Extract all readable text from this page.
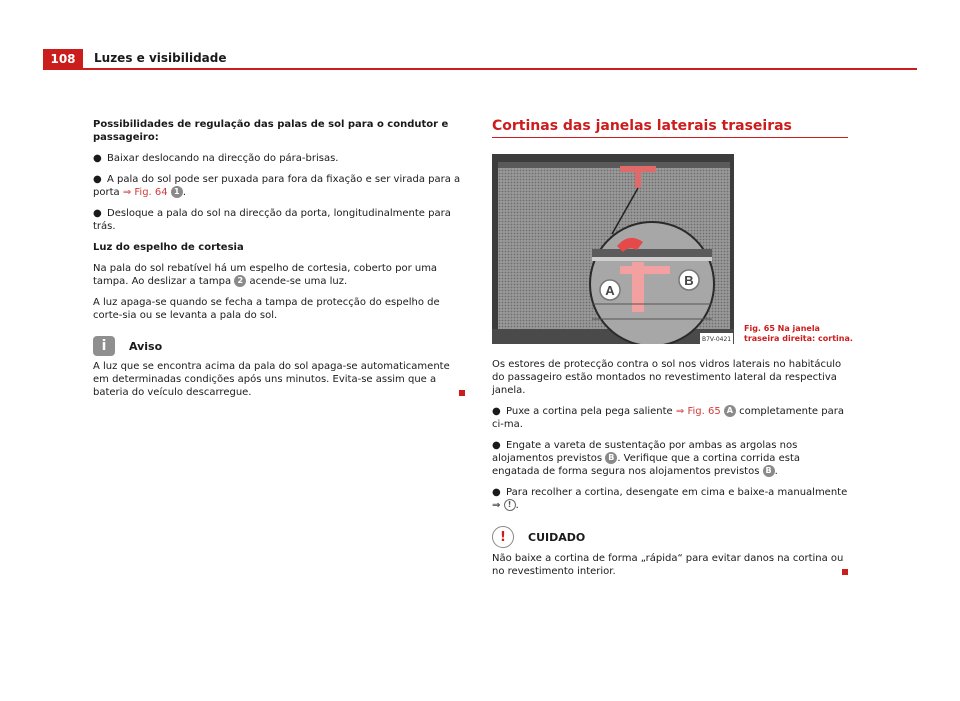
108	Luzes e visibilidade

Possibilidades de regulação das palas de sol para o condutor e passageiro:

● Baixar deslocando na direcção do pára-brisas.

● A pala do sol pode ser puxada para fora da fixação e ser virada para a porta ⇒ Fig. 64 1 .

● Desloque a pala do sol na direcção da porta, longitudinalmente para trás.

Luz do espelho de cortesia

Na pala do sol rebatível há um espelho de cortesia, coberto por uma tampa. Ao deslizar a tampa 2 acende-se uma luz.

A luz apaga-se quando se fecha a tampa de protecção do espelho de corte-sia ou se levanta a pala do sol.

i	Aviso

A luz que se encontra acima da pala do sol apaga-se automaticamente em determinadas condições após uns minutos. Evita-se assim que a bateria do veículo descarregue.

Cortinas das janelas laterais traseiras
A
B
B7V-0421
Fig. 65 Na janela traseira direita: cortina.

Os estores de protecção contra o sol nos vidros laterais no habitáculo do passageiro estão montados no revestimento lateral da respectiva janela.

● Puxe a cortina pela pega saliente ⇒ Fig. 65 A completamente para ci-ma.

● Engate a vareta de sustentação por ambas as argolas nos alojamentos previstos B . Verifique que a cortina corrida esta engatada de forma segura nos alojamentos previstos B .

● Para recolher a cortina, desengate em cima e baixe-a manualmente
⇒ ! .

!	CUIDADO

Não baixe a cortina de forma „rápida“ para evitar danos na cortina ou no revestimento interior.
